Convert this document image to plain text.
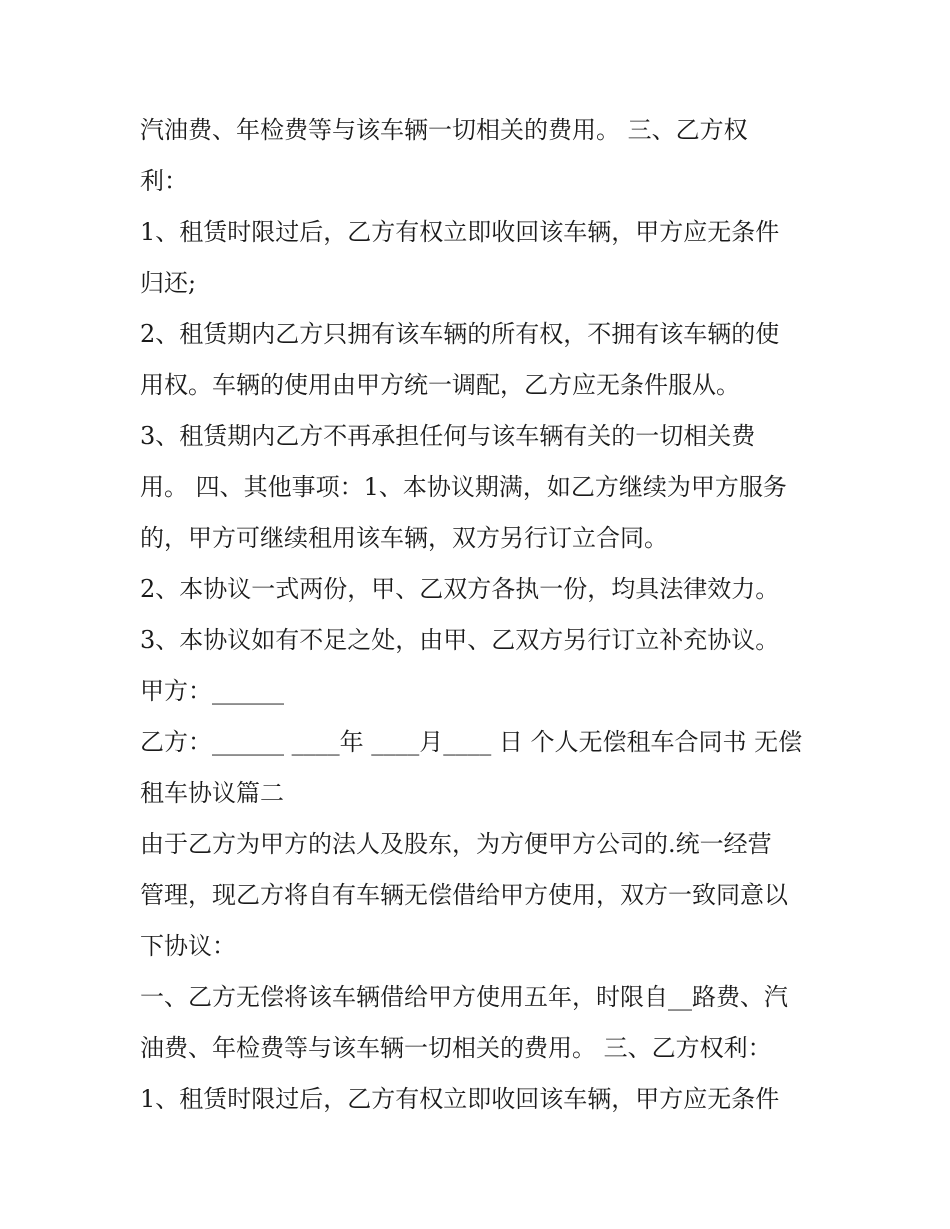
汽油费、年检费等与该车辆一切相关的费用。 三、乙方权
利：
1、租赁时限过后，乙方有权立即收回该车辆，甲方应无条件
归还;
2、租赁期内乙方只拥有该车辆的所有权，不拥有该车辆的使
用权。车辆的使用由甲方统一调配，乙方应无条件服从。
3、租赁期内乙方不再承担任何与该车辆有关的一切相关费
用。 四、其他事项：1、本协议期满，如乙方继续为甲方服务
的，甲方可继续租用该车辆，双方另行订立合同。
2、本协议一式两份，甲、乙双方各执一份，均具法律效力。
3、本协议如有不足之处，由甲、乙双方另行订立补充协议。
甲方：______
乙方：______ ____年 ____月____ 日 个人无偿租车合同书 无偿
租车协议篇二
由于乙方为甲方的法人及股东，为方便甲方公司的.统一经营
管理，现乙方将自有车辆无偿借给甲方使用，双方一致同意以
下协议：
一、乙方无偿将该车辆借给甲方使用五年，时限自__路费、汽
油费、年检费等与该车辆一切相关的费用。 三、乙方权利：
1、租赁时限过后，乙方有权立即收回该车辆，甲方应无条件
